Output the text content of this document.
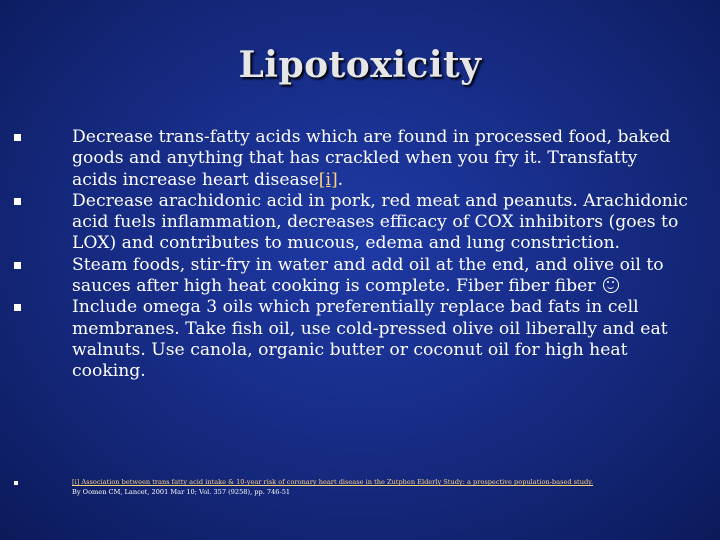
Lipotoxicity
Decrease trans-fatty acids which are found in processed food, baked goods and anything that has crackled when you fry it. Transfatty acids increase heart disease[i].
Decrease arachidonic acid in pork, red meat and peanuts. Arachidonic acid fuels inflammation, decreases efficacy of COX inhibitors (goes to LOX) and contributes to mucous, edema and lung constriction.
Steam foods, stir-fry in water and add oil at the end, and olive oil to sauces after high heat cooking is complete. Fiber fiber fiber
Include omega 3 oils which preferentially replace bad fats in cell membranes. Take fish oil, use cold-pressed olive oil liberally and eat walnuts. Use canola, organic butter or coconut oil for high heat cooking.
[i] Association between trans fatty acid intake & 10-year risk of coronary heart disease in the Zutphen Elderly Study: a prospective population-based study.
By Oomen CM, Lancet, 2001 Mar 10; Vol. 357 (9258), pp. 746-51
